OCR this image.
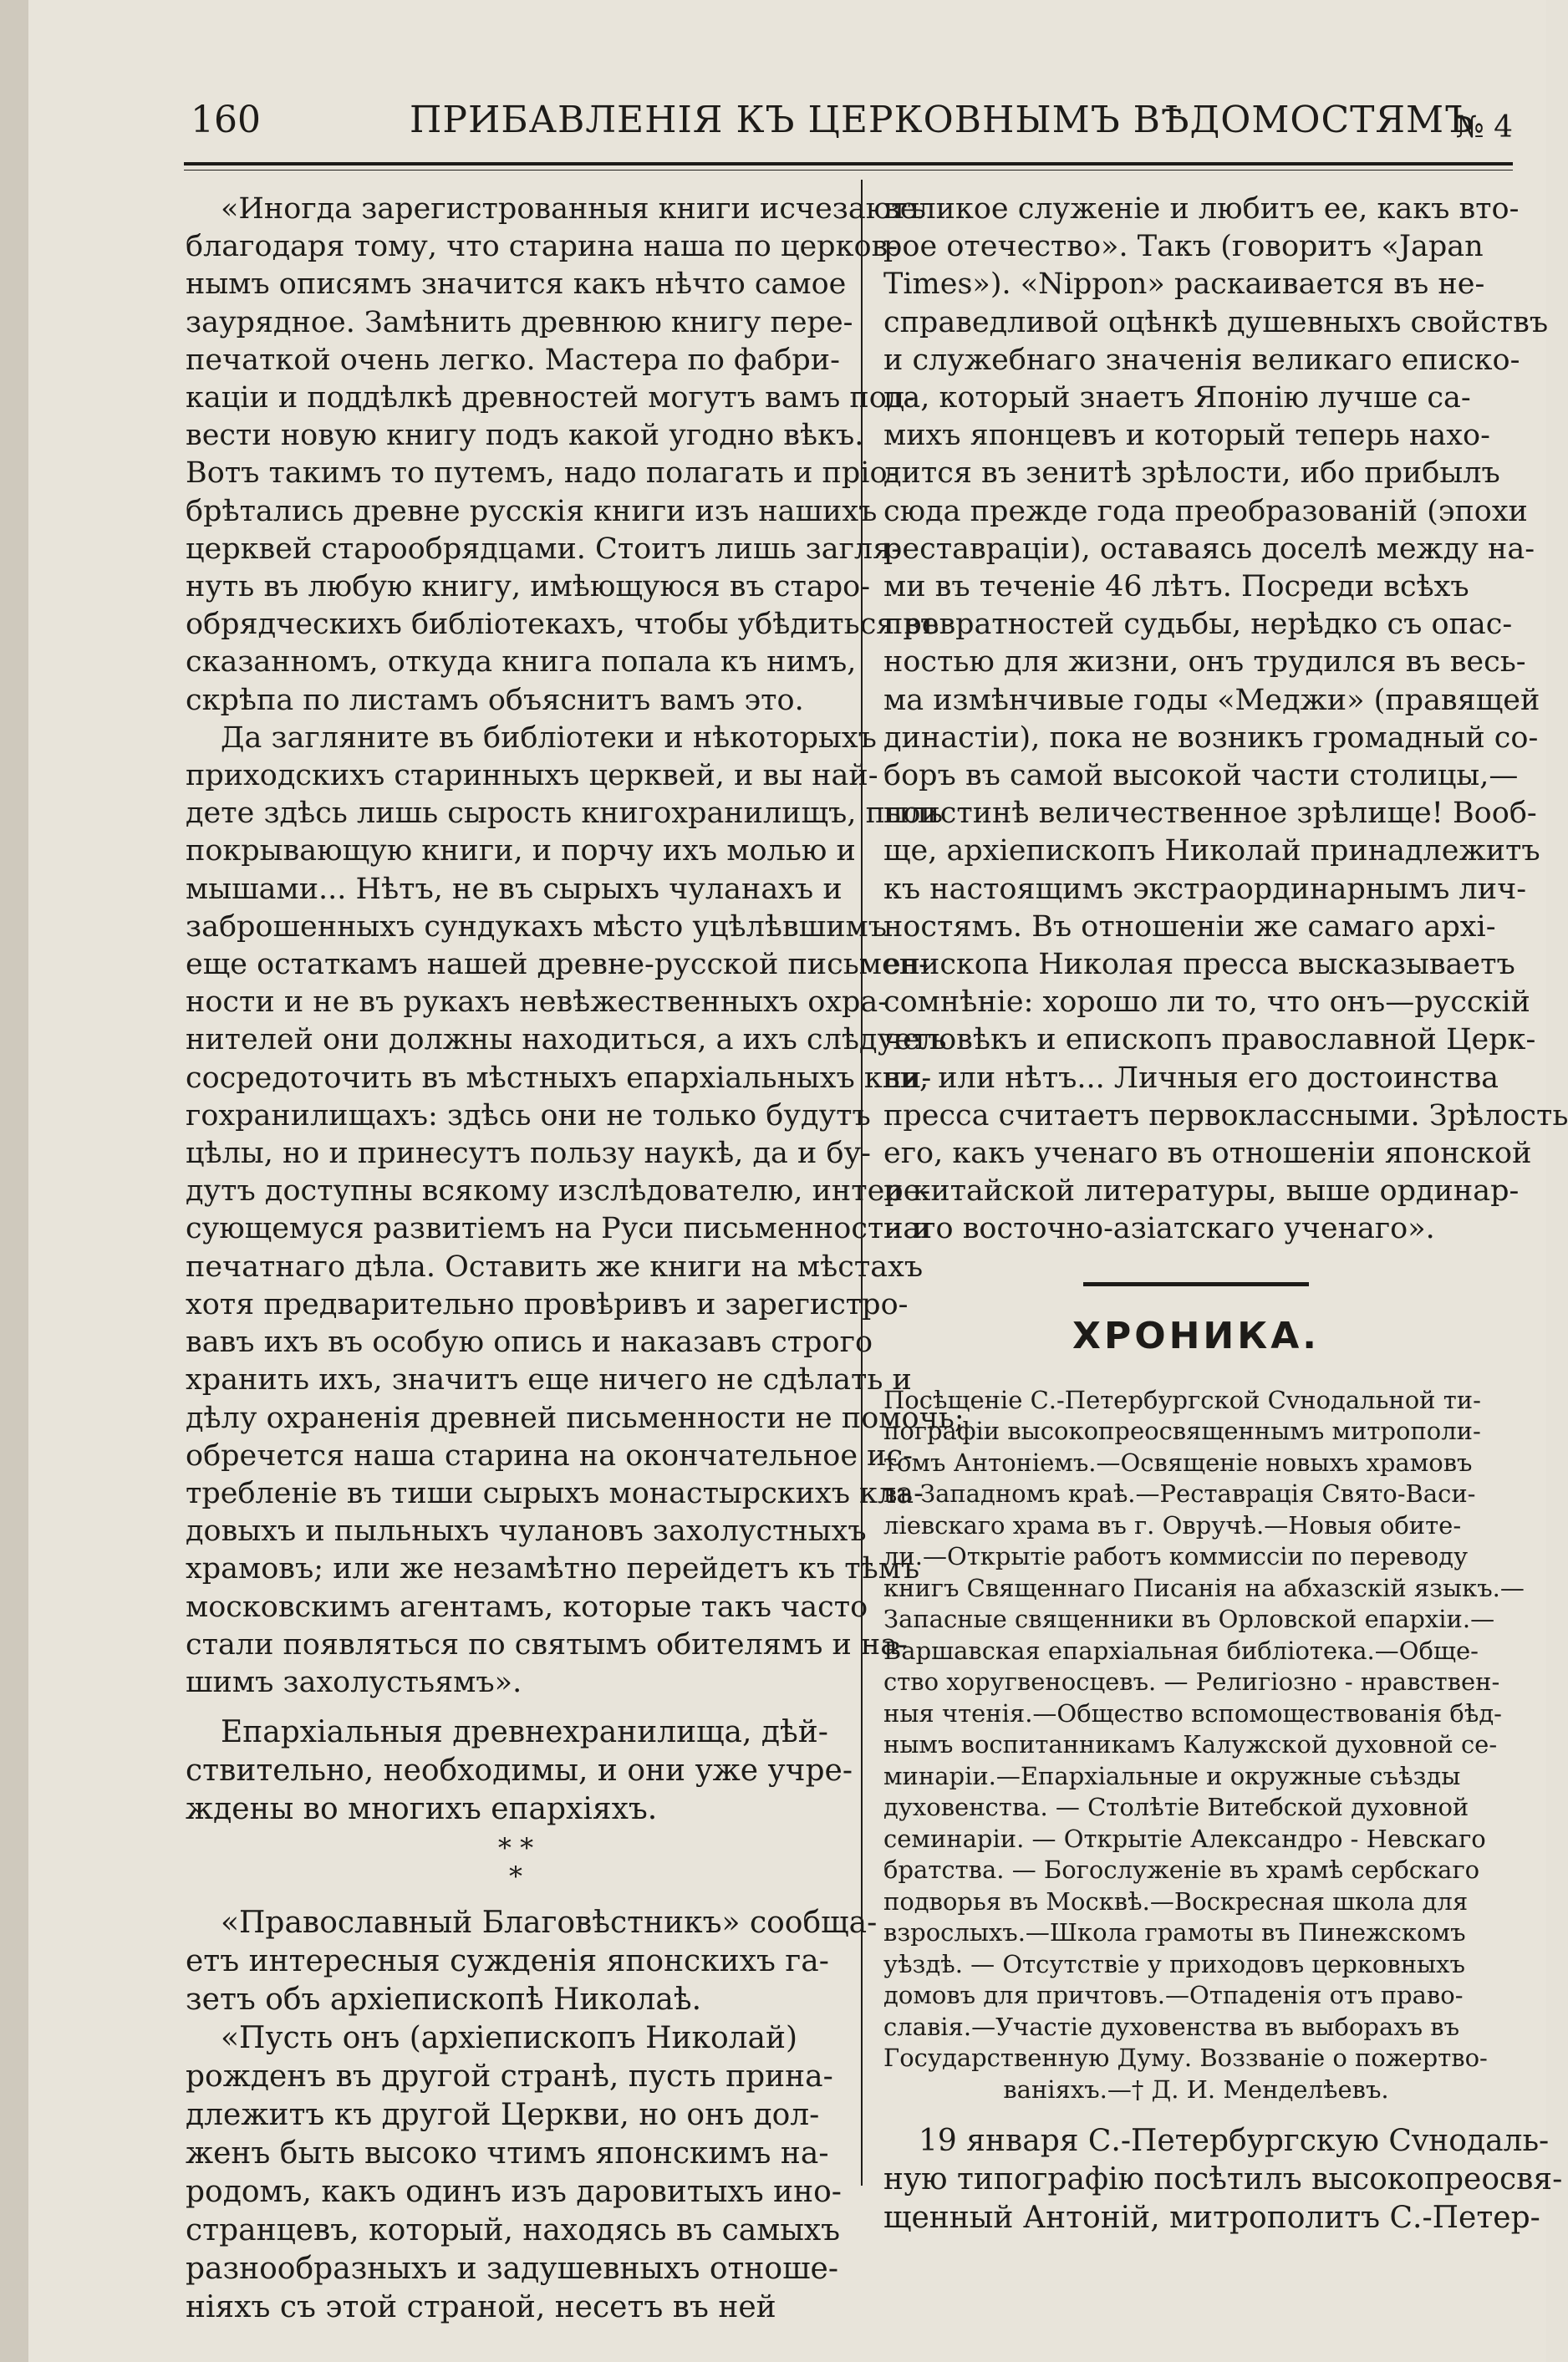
160	ПРИБАВЛЕНІЯ КЪ ЦЕРКОВНЫМЪ ВѢДОМОСТЯМЪ
№ 4
«Иногда зарегистрованныя книги исчезаютъ
благодаря тому, что старина наша по церков-
нымъ описямъ значится какъ нѣчто самое
заурядное. Замѣнить древнюю книгу пере-
печаткой очень легко. Мастера по фабри-
каціи и поддѣлкѣ древностей могутъ вамъ под-
вести новую книгу подъ какой угодно вѣкъ.
Вотъ такимъ то путемъ, надо полагать и пріо-
брѣтались древне русскія книги изъ нашихъ
церквей старообрядцами. Стоитъ лишь загля-
нуть въ любую книгу, имѣющуюся въ старо-
обрядческихъ библіотекахъ, чтобы убѣдиться въ
сказанномъ, откуда книга попала къ нимъ,
скрѣпа по листамъ объяснитъ вамъ это.
Да загляните въ библіотеки и нѣкоторыхъ
приходскихъ старинныхъ церквей, и вы най-
дете здѣсь лишь сырость книгохранилищъ, пыль
покрывающую книги, и порчу ихъ молью и
мышами... Нѣтъ, не въ сырыхъ чуланахъ и
заброшенныхъ сундукахъ мѣсто уцѣлѣвшимъ
еще остаткамъ нашей древне-русской письмен-
ности и не въ рукахъ невѣжественныхъ охра-
нителей они должны находиться, а ихъ слѣдуетъ
сосредоточить въ мѣстныхъ епархіальныхъ кни-
гохранилищахъ: здѣсь они не только будутъ
цѣлы, но и принесутъ пользу наукѣ, да и бу-
дутъ доступны всякому изслѣдователю, интере-
сующемуся развитіемъ на Руси письменности и
печатнаго дѣла. Оставить же книги на мѣстахъ
хотя предварительно провѣривъ и зарегистро-
вавъ ихъ въ особую опись и наказавъ строго
хранить ихъ, значитъ еще ничего не сдѣлать и
дѣлу охраненія древней письменности не помочь;
обречется наша старина на окончательное ис-
требленіе въ тиши сырыхъ монастырскихъ кла-
довыхъ и пыльныхъ чулановъ захолустныхъ
храмовъ; или же незамѣтно перейдетъ къ тѣмъ
московскимъ агентамъ, которые такъ часто
стали появляться по святымъ обителямъ и на-
шимъ захолустьямъ».
Епархіальныя древнехранилища, дѣй-
ствительно, необходимы, и они уже учре-
ждены во многихъ епархіяхъ.
* *
*
«Православный Благовѣстникъ» сообща-
етъ интересныя сужденія японскихъ га-
зетъ объ архіепископѣ Николаѣ.
«Пусть онъ (архіепископъ Николай)
рожденъ въ другой странѣ, пусть прина-
длежитъ къ другой Церкви, но онъ дол-
женъ быть высоко чтимъ японскимъ на-
родомъ, какъ одинъ изъ даровитыхъ ино-
странцевъ, который, находясь въ самыхъ
разнообразныхъ и задушевныхъ отноше-
ніяхъ съ этой страной, несетъ въ ней
великое служеніе и любитъ ее, какъ вто-
рое отечество». Такъ (говоритъ «Japan
Times»). «Nippon» раскаивается въ не-
справедливой оцѣнкѣ душевныхъ свойствъ
и служебнаго значенія великаго еписко-
па, который знаетъ Японію лучше са-
михъ японцевъ и который теперь нахо-
дится въ зенитѣ зрѣлости, ибо прибылъ
сюда прежде года преобразованій (эпохи
реставраціи), оставаясь доселѣ между на-
ми въ теченіе 46 лѣтъ. Посреди всѣхъ
превратностей судьбы, нерѣдко съ опас-
ностью для жизни, онъ трудился въ весь-
ма измѣнчивые годы «Меджи» (правящей
династіи), пока не возникъ громадный со-
боръ въ самой высокой части столицы,—
поистинѣ величественное зрѣлище! Вооб-
ще, архіепископъ Николай принадлежитъ
къ настоящимъ экстраординарнымъ лич-
ностямъ. Въ отношеніи же самаго архі-
епископа Николая пресса высказываетъ
сомнѣніе: хорошо ли то, что онъ—русскій
человѣкъ и епископъ православной Церк-
ви, или нѣтъ... Личныя его достоинства
пресса считаетъ первоклассными. Зрѣлость
его, какъ ученаго въ отношеніи японской
и китайской литературы, выше ординар-
наго восточно-азіатскаго ученаго».
ХРОНИКА.
Посѣщеніе С.-Петербургской Сvнодальной ти-
пографіи высокопреосвященнымъ митрополи-
томъ Антоніемъ.—Освященіе новыхъ храмовъ
въ Западномъ краѣ.—Реставрація Свято-Васи-
ліевскаго храма въ г. Овручѣ.—Новыя обите-
ли.—Открытіе работъ коммиссіи по переводу
книгъ Священнаго Писанія на абхазскій языкъ.—
Запасные священники въ Орловской епархіи.—
Варшавская епархіальная библіотека.—Обще-
ство хоругвеносцевъ. — Религіозно - нравствен-
ныя чтенія.—Общество вспомоществованія бѣд-
нымъ воспитанникамъ Калужской духовной се-
минаріи.—Епархіальные и окружные съѣзды
духовенства. — Столѣтіе Витебской духовной
семинаріи. — Открытіе Александро - Невскаго
братства. — Богослуженіе въ храмѣ сербскаго
подворья въ Москвѣ.—Воскресная школа для
взрослыхъ.—Школа грамоты въ Пинежскомъ
уѣздѣ. — Отсутствіе у приходовъ церковныхъ
домовъ для причтовъ.—Отпаденія отъ право-
славія.—Участіе духовенства въ выборахъ въ
Государственную Думу. Воззваніе о пожертво-
ваніяхъ.—† Д. И. Менделѣевъ.
19 января С.-Петербургскую Сvнодаль-
ную типографію посѣтилъ высокопреосвя-
щенный Антоній, митрополитъ С.-Петер-
